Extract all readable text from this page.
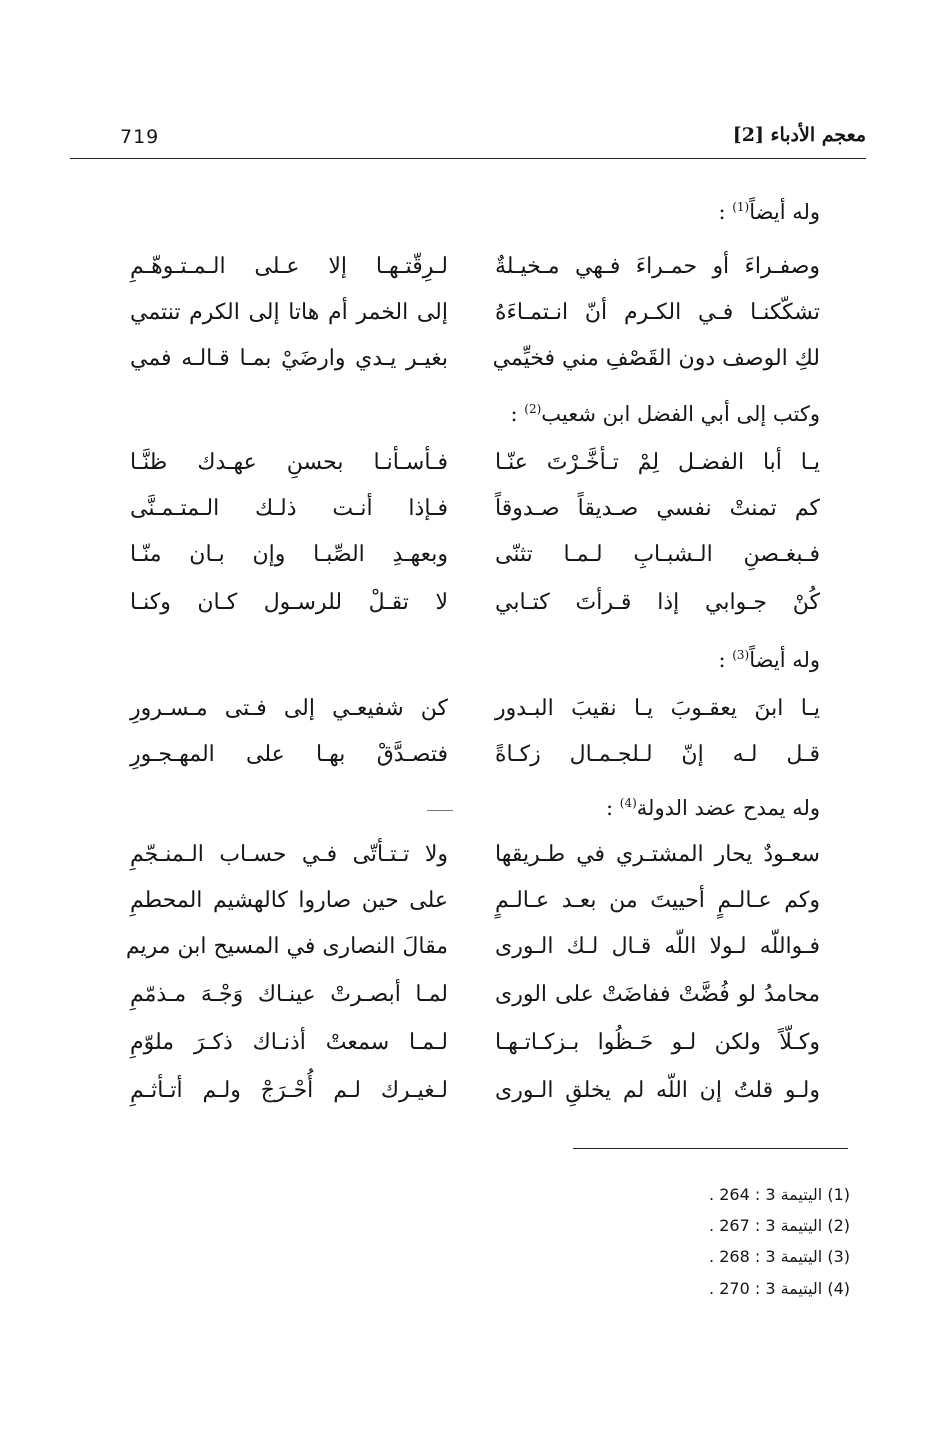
719	معجم الأدباء [2]
وله أيضاً$^{(1)}$ :
وصفـراءَ أو حمـراءَ فـهي مـخيـلةٌ
لـرِقّتـهـا إلا عـلى الـمـتـوهّـمِ
تشكّكنـا فـي الكـرم أنّ انـتمـاءَهُ
إلى الخمر أم هاتا إلى الكرم تنتمي
لكِ الوصف دون القَصْفِ مني فخيِّمي
بغيـر يـدي وارضَيْ بمـا قـالـه فمي
وكتب إلى أبي الفضل ابن شعيب$^{(2)}$ :
يـا أبا الفضـل لِمْ تـأخَّـرْتَ عنّـا
فـأسـأنـا بحسنِ عهـدك ظنَّـا
كم تمنتْ نفسي صـديقاً صـدوقاً
فـإذا أنـت ذلـك الـمتـمـنَّى
فـبغـصنِ الـشبـابِ لـمـا تثنّى
وبعهـدِ الصِّبـا وإن بـان منّـا
كُنْ جـوابي إذا قـرأتَ كتـابي
لا تقـلْ للرسـول كـان وكنـا
وله أيضاً$^{(3)}$ :
يـا ابنَ يعقـوبَ يـا نقيبَ البـدور
كن شفيعـي إلى فـتى مـسـرورِ
قـل لـه إنّ لـلجـمـال زكـاةً
فتصـدَّقْ بهـا على المهـجـورِ
وله يمدح عضد الدولة$^{(4)}$ :
سعـودٌ يحار المشتـري في طـريقها
ولا تـتـأتّى فـي حسـاب الـمنـجّمِ
وكم عـالـمٍ أحييتَ من بعـد عـالـمٍ
على حين صاروا كالهشيم المحطمِ
فـواللّه لـولا اللّه قـال لـك الـورى
مقالَ النصارى في المسيح ابن مريم
محامدُ لو فُضَّتْ ففاضَتْ على الورى
لمـا أبصـرتْ عينـاك وَجْـهَ مـذمّمِ
وكـلّاً ولكن لـو حَـظُوا بـزكـاتـهـا
لـمـا سمعتْ أذنـاك ذكـرَ ملوّمِ
ولـو قلتُ إن اللّه لم يخلقِ الـورى
لـغيـرك لـم أُحْـرَجْ ولـم أتـأثـمِ
(1) اليتيمة 3 : 264 .
(2) اليتيمة 3 : 267 .
(3) اليتيمة 3 : 268 .
(4) اليتيمة 3 : 270 .
